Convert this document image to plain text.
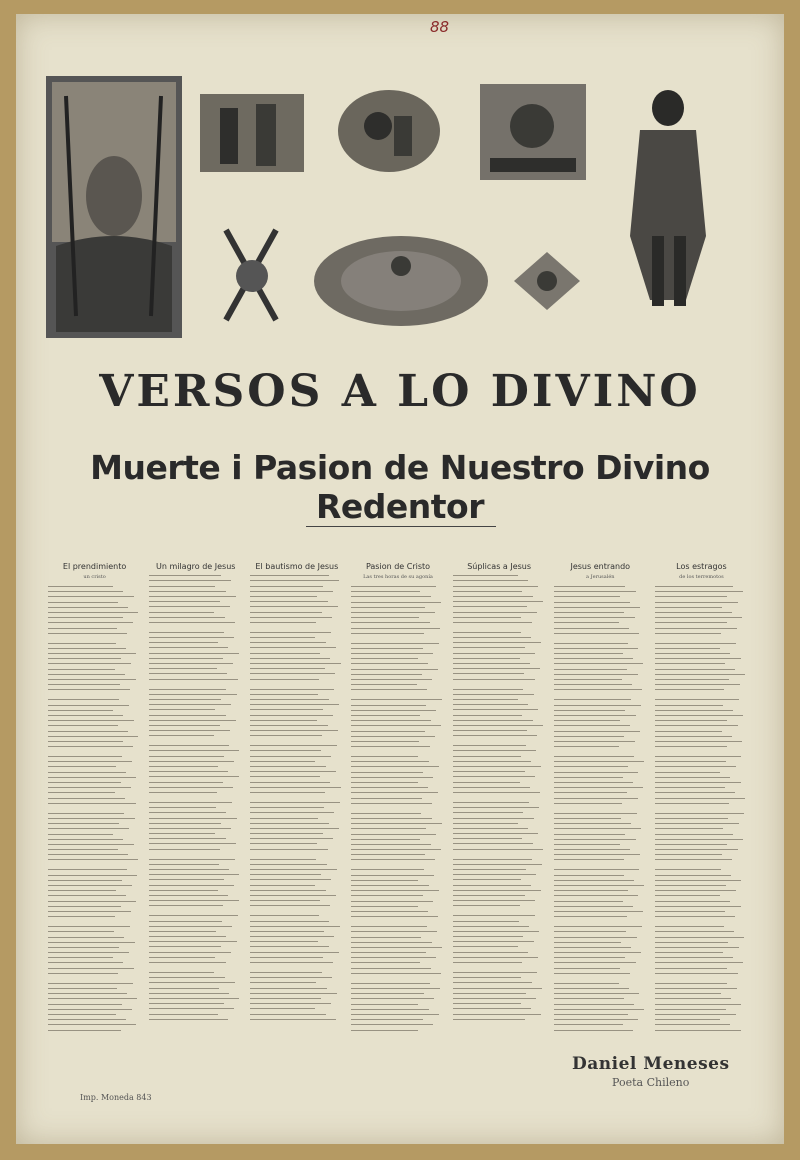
88
VERSOS A LO DIVINO
Muerte i Pasion de Nuestro Divino Redentor
El prendimiento
un cristo
Un milagro de Jesus	El bautismo de Jesus	Pasion de Cristo
Las tres horas de su agonía
Súplicas a Jesus	Jesus entrando
a Jerusalén
Los estragos
de los terremotos
Daniel Meneses
Poeta Chileno
Imp. Moneda 843
